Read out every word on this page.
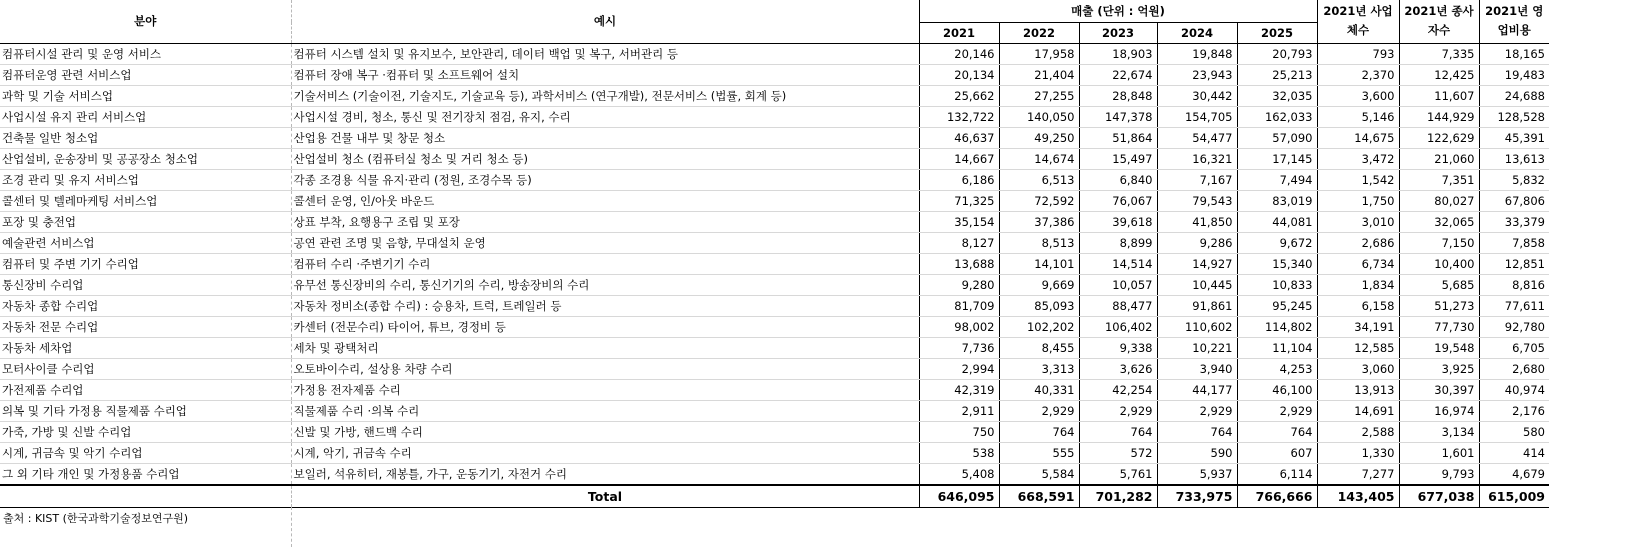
분야	예시	매출 (단위 : 억원)					2021년 사업체수	2021년 종사자수	2021년 영업비용
		2021	2022	2023	2024	2025			
컴퓨터시설 관리 및 운영 서비스	컴퓨터 시스템 설치 및 유지보수, 보안관리, 데이터 백업 및 복구, 서버관리 등	20,146	17,958	18,903	19,848	20,793	793	7,335	18,165
컴퓨터운영 관련 서비스업	컴퓨터 장애 복구 ·컴퓨터 및 소프트웨어 설치	20,134	21,404	22,674	23,943	25,213	2,370	12,425	19,483
과학 및 기술 서비스업	기술서비스 (기술이전, 기술지도, 기술교육 등), 과학서비스 (연구개발), 전문서비스 (법률, 회계 등)	25,662	27,255	28,848	30,442	32,035	3,600	11,607	24,688
사업시설 유지 관리 서비스업	사업시설 경비, 청소, 통신 및 전기장치 점검, 유지, 수리	132,722	140,050	147,378	154,705	162,033	5,146	144,929	128,528
건축물 일반 청소업	산업용 건물 내부 및 창문 청소	46,637	49,250	51,864	54,477	57,090	14,675	122,629	45,391
산업설비, 운송장비 및 공공장소 청소업	산업설비 청소 (컴퓨터실 청소 및 거리 청소 등)	14,667	14,674	15,497	16,321	17,145	3,472	21,060	13,613
조경 관리 및 유지 서비스업	각종 조경용 식물 유지·관리 (정원, 조경수목 등)	6,186	6,513	6,840	7,167	7,494	1,542	7,351	5,832
콜센터 및 텔레마케팅 서비스업	콜센터 운영, 인/아웃 바운드	71,325	72,592	76,067	79,543	83,019	1,750	80,027	67,806
포장 및 충전업	상표 부착, 요행용구 조립 및 포장	35,154	37,386	39,618	41,850	44,081	3,010	32,065	33,379
예술관련 서비스업	공연 관련 조명 및 음향, 무대설치 운영	8,127	8,513	8,899	9,286	9,672	2,686	7,150	7,858
컴퓨터 및 주변 기기 수리업	컴퓨터 수리 ·주변기기 수리	13,688	14,101	14,514	14,927	15,340	6,734	10,400	12,851
통신장비 수리업	유무선 통신장비의 수리, 통신기기의 수리, 방송장비의 수리	9,280	9,669	10,057	10,445	10,833	1,834	5,685	8,816
자동차 종합 수리업	자동차 정비소(종합 수리) : 승용차, 트럭, 트레일러 등	81,709	85,093	88,477	91,861	95,245	6,158	51,273	77,611
자동차 전문 수리업	카센터 (전문수리) 타이어, 튜브, 경정비 등	98,002	102,202	106,402	110,602	114,802	34,191	77,730	92,780
자동차 세차업	세차 및 광택처리	7,736	8,455	9,338	10,221	11,104	12,585	19,548	6,705
모터사이클 수리업	오토바이수리, 설상용 차량 수리	2,994	3,313	3,626	3,940	4,253	3,060	3,925	2,680
가전제품 수리업	가정용 전자제품 수리	42,319	40,331	42,254	44,177	46,100	13,913	30,397	40,974
의복 및 기타 가정용 직물제품 수리업	직물제품 수리 ·의복 수리	2,911	2,929	2,929	2,929	2,929	14,691	16,974	2,176
가죽, 가방 및 신발 수리업	신발 및 가방, 핸드백 수리	750	764	764	764	764	2,588	3,134	580
시계, 귀금속 및 악기 수리업	시계, 악기, 귀금속 수리	538	555	572	590	607	1,330	1,601	414
그 외 기타 개인 및 가정용품 수리업	보일러, 석유히터, 재봉틀, 가구, 운동기기, 자전거 수리	5,408	5,584	5,761	5,937	6,114	7,277	9,793	4,679
	Total	646,095	668,591	701,282	733,975	766,666	143,405	677,038	615,009
출처 : KIST (한국과학기술정보연구원)
